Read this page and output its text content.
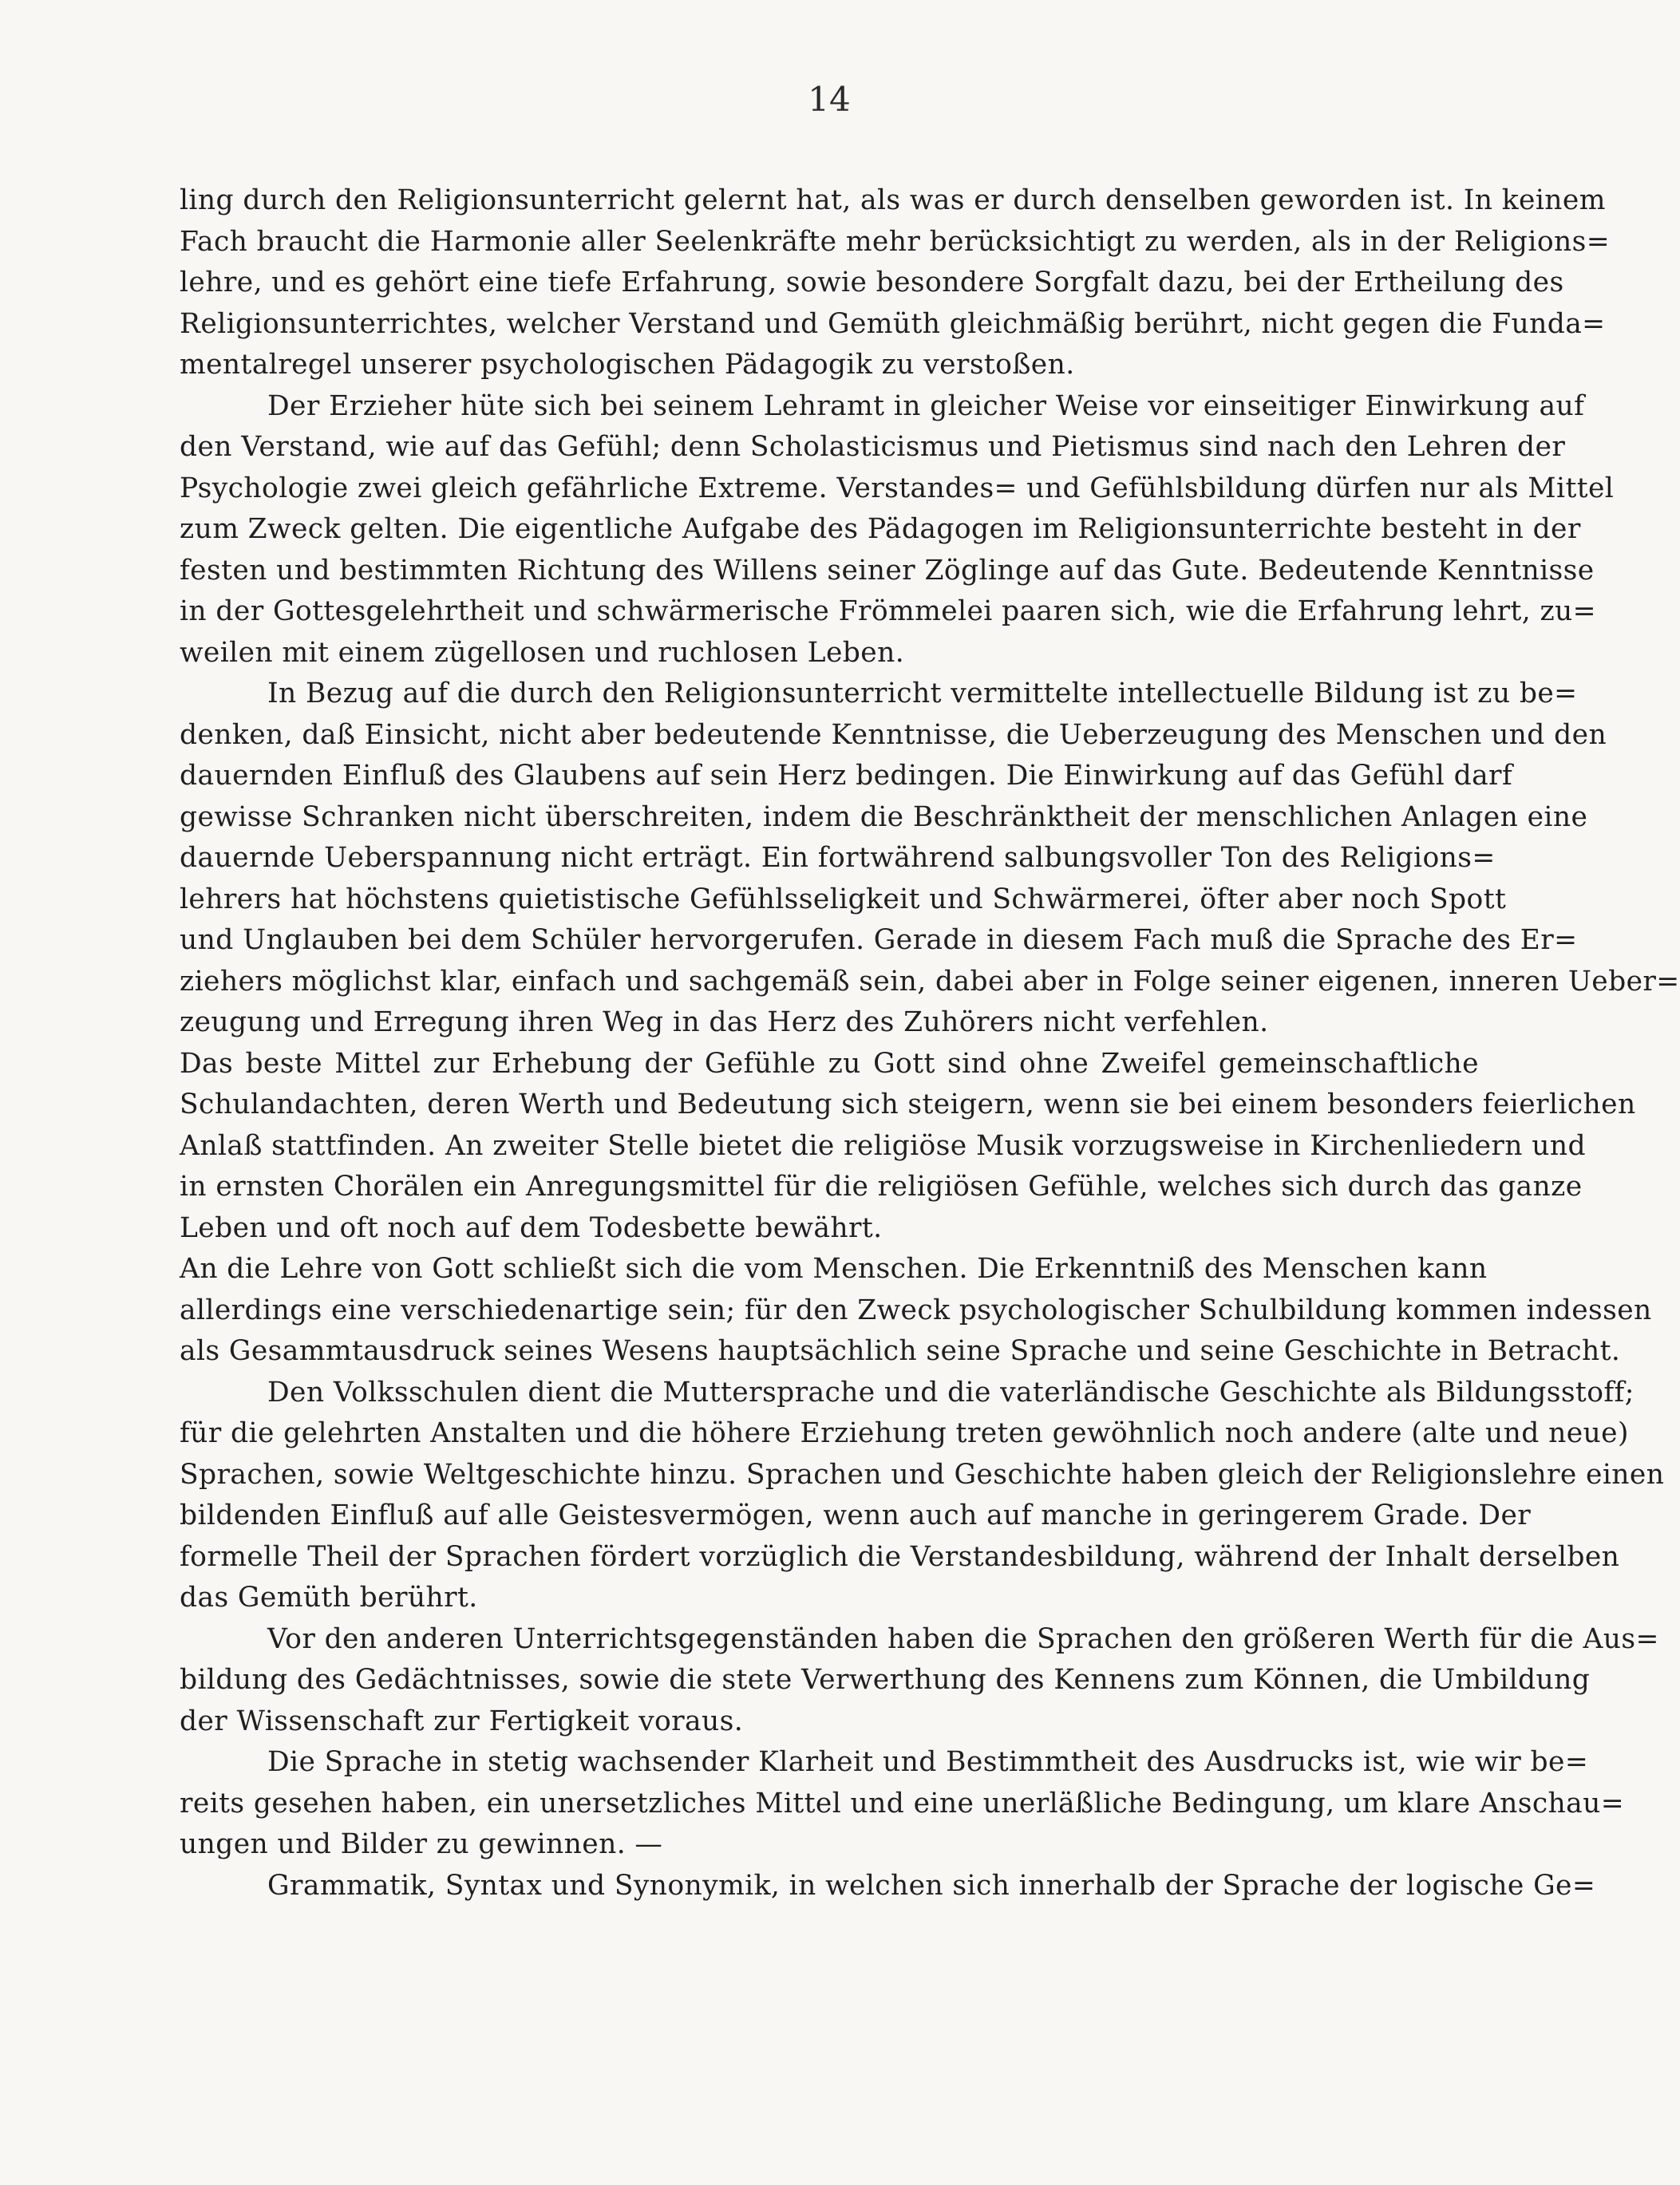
14
ling durch den Religionsunterricht gelernt hat, als was er durch denselben geworden ist. In keinem
Fach braucht die Harmonie aller Seelenkräfte mehr berücksichtigt zu werden, als in der Religions=
lehre, und es gehört eine tiefe Erfahrung, sowie besondere Sorgfalt dazu, bei der Ertheilung des
Religionsunterrichtes, welcher Verstand und Gemüth gleichmäßig berührt, nicht gegen die Funda=
mentalregel unserer psychologischen Pädagogik zu verstoßen.
Der Erzieher hüte sich bei seinem Lehramt in gleicher Weise vor einseitiger Einwirkung auf
den Verstand, wie auf das Gefühl; denn Scholasticismus und Pietismus sind nach den Lehren der
Psychologie zwei gleich gefährliche Extreme. Verstandes= und Gefühlsbildung dürfen nur als Mittel
zum Zweck gelten. Die eigentliche Aufgabe des Pädagogen im Religionsunterrichte besteht in der
festen und bestimmten Richtung des Willens seiner Zöglinge auf das Gute. Bedeutende Kenntnisse
in der Gottesgelehrtheit und schwärmerische Frömmelei paaren sich, wie die Erfahrung lehrt, zu=
weilen mit einem zügellosen und ruchlosen Leben.
In Bezug auf die durch den Religionsunterricht vermittelte intellectuelle Bildung ist zu be=
denken, daß Einsicht, nicht aber bedeutende Kenntnisse, die Ueberzeugung des Menschen und den
dauernden Einfluß des Glaubens auf sein Herz bedingen. Die Einwirkung auf das Gefühl darf
gewisse Schranken nicht überschreiten, indem die Beschränktheit der menschlichen Anlagen eine
dauernde Ueberspannung nicht erträgt. Ein fortwährend salbungsvoller Ton des Religions=
lehrers hat höchstens quietistische Gefühlsseligkeit und Schwärmerei, öfter aber noch Spott
und Unglauben bei dem Schüler hervorgerufen. Gerade in diesem Fach muß die Sprache des Er=
ziehers möglichst klar, einfach und sachgemäß sein, dabei aber in Folge seiner eigenen, inneren Ueber=
zeugung und Erregung ihren Weg in das Herz des Zuhörers nicht verfehlen.
Das beste Mittel zur Erhebung der Gefühle zu Gott sind ohne Zweifel gemeinschaftliche
Schulandachten, deren Werth und Bedeutung sich steigern, wenn sie bei einem besonders feierlichen
Anlaß stattfinden. An zweiter Stelle bietet die religiöse Musik vorzugsweise in Kirchenliedern und
in ernsten Chorälen ein Anregungsmittel für die religiösen Gefühle, welches sich durch das ganze
Leben und oft noch auf dem Todesbette bewährt.
An die Lehre von Gott schließt sich die vom Menschen. Die Erkenntniß des Menschen kann
allerdings eine verschiedenartige sein; für den Zweck psychologischer Schulbildung kommen indessen
als Gesammtausdruck seines Wesens hauptsächlich seine Sprache und seine Geschichte in Betracht.
Den Volksschulen dient die Muttersprache und die vaterländische Geschichte als Bildungsstoff;
für die gelehrten Anstalten und die höhere Erziehung treten gewöhnlich noch andere (alte und neue)
Sprachen, sowie Weltgeschichte hinzu. Sprachen und Geschichte haben gleich der Religionslehre einen
bildenden Einfluß auf alle Geistesvermögen, wenn auch auf manche in geringerem Grade. Der
formelle Theil der Sprachen fördert vorzüglich die Verstandesbildung, während der Inhalt derselben
das Gemüth berührt.
Vor den anderen Unterrichtsgegenständen haben die Sprachen den größeren Werth für die Aus=
bildung des Gedächtnisses, sowie die stete Verwerthung des Kennens zum Können, die Umbildung
der Wissenschaft zur Fertigkeit voraus.
Die Sprache in stetig wachsender Klarheit und Bestimmtheit des Ausdrucks ist, wie wir be=
reits gesehen haben, ein unersetzliches Mittel und eine unerläßliche Bedingung, um klare Anschau=
ungen und Bilder zu gewinnen. —
Grammatik, Syntax und Synonymik, in welchen sich innerhalb der Sprache der logische Ge=
